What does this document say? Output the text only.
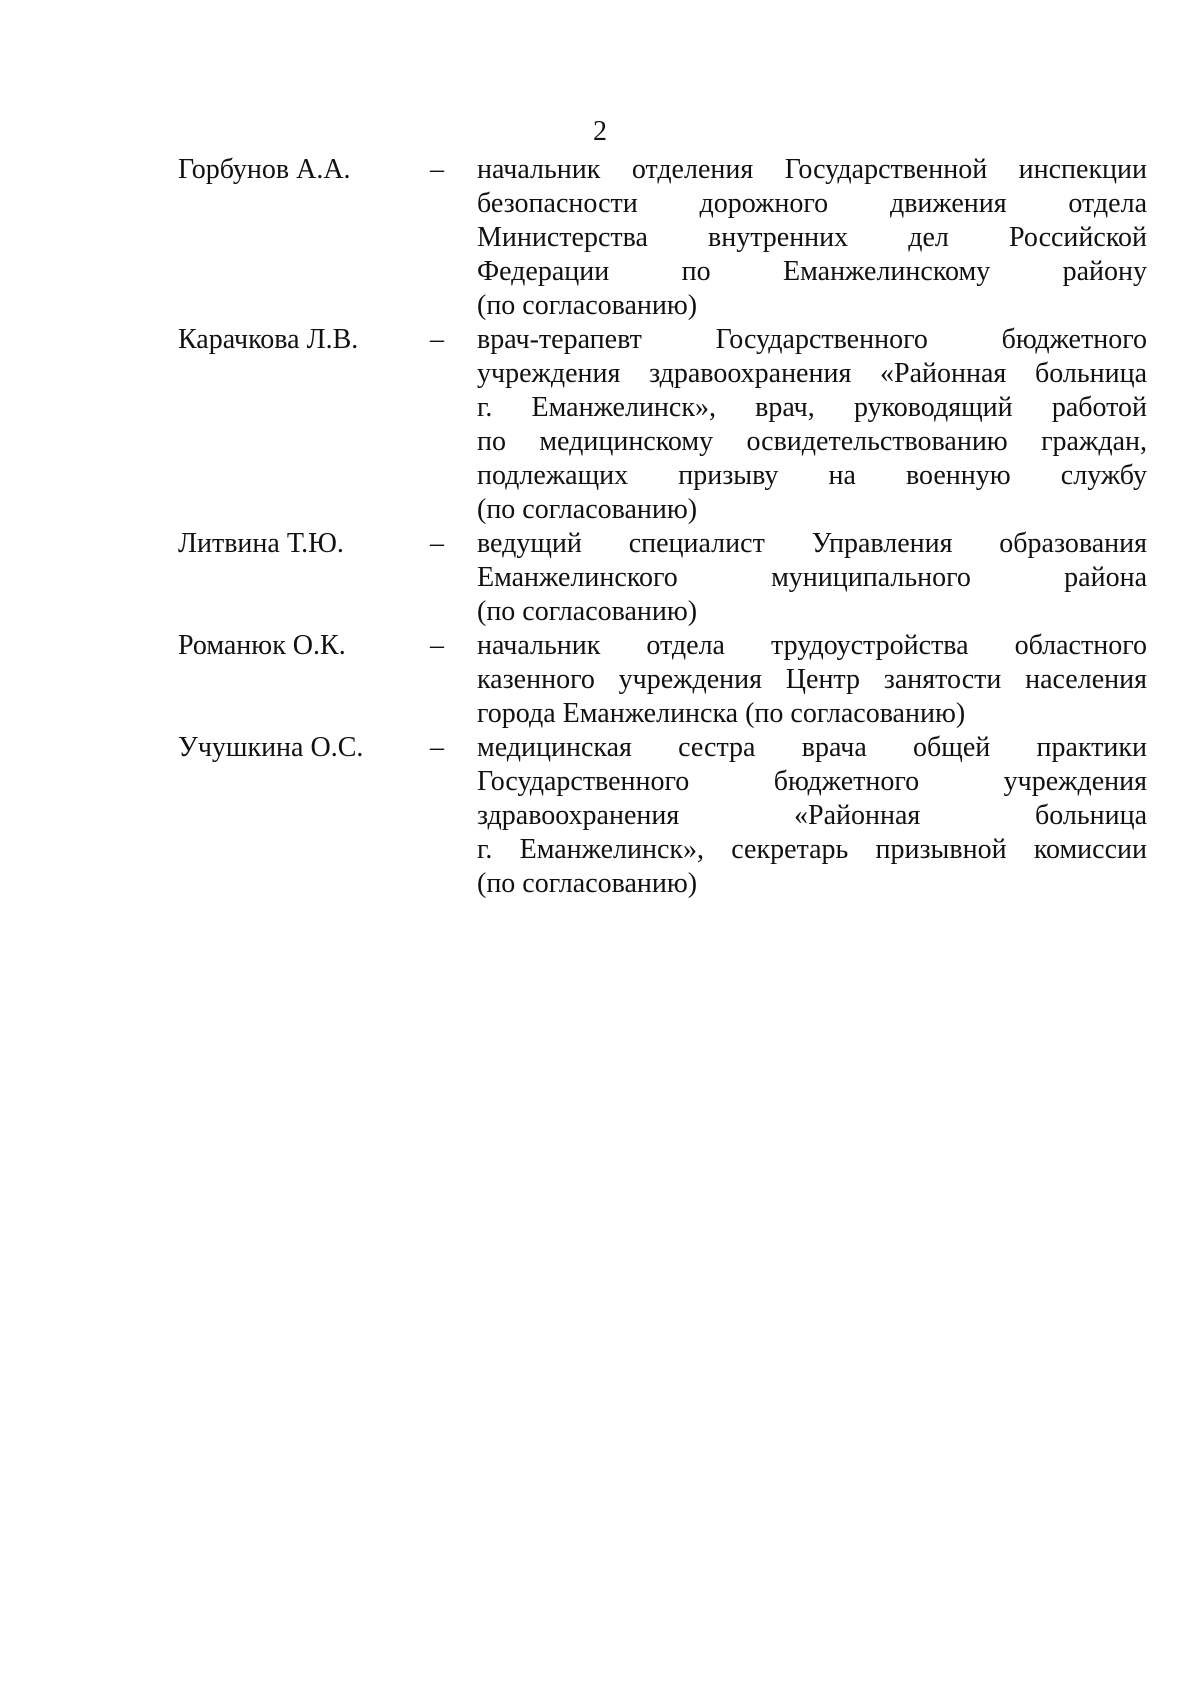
2
Горбунов А.А.	– начальник отделения Государственной инспекции
безопасности дорожного движения отдела
Министерства внутренних дел Российской
Федерации по Еманжелинскому району
(по согласованию)
Карачкова Л.В.	– врач-терапевт Государственного бюджетного
учреждения здравоохранения «Районная больница
г. Еманжелинск», врач, руководящий работой
по медицинскому освидетельствованию граждан,
подлежащих призыву на военную службу
(по согласованию)
Литвина Т.Ю.	– ведущий специалист Управления образования
Еманжелинского муниципального района
(по согласованию)
Романюк О.К.	– начальник отдела трудоустройства областного
казенного учреждения Центр занятости населения
города Еманжелинска (по согласованию)
Учушкина О.С. – медицинская сестра врача общей практики
Государственного бюджетного учреждения
здравоохранения «Районная больница
г. Еманжелинск», секретарь призывной комиссии
(по согласованию)
